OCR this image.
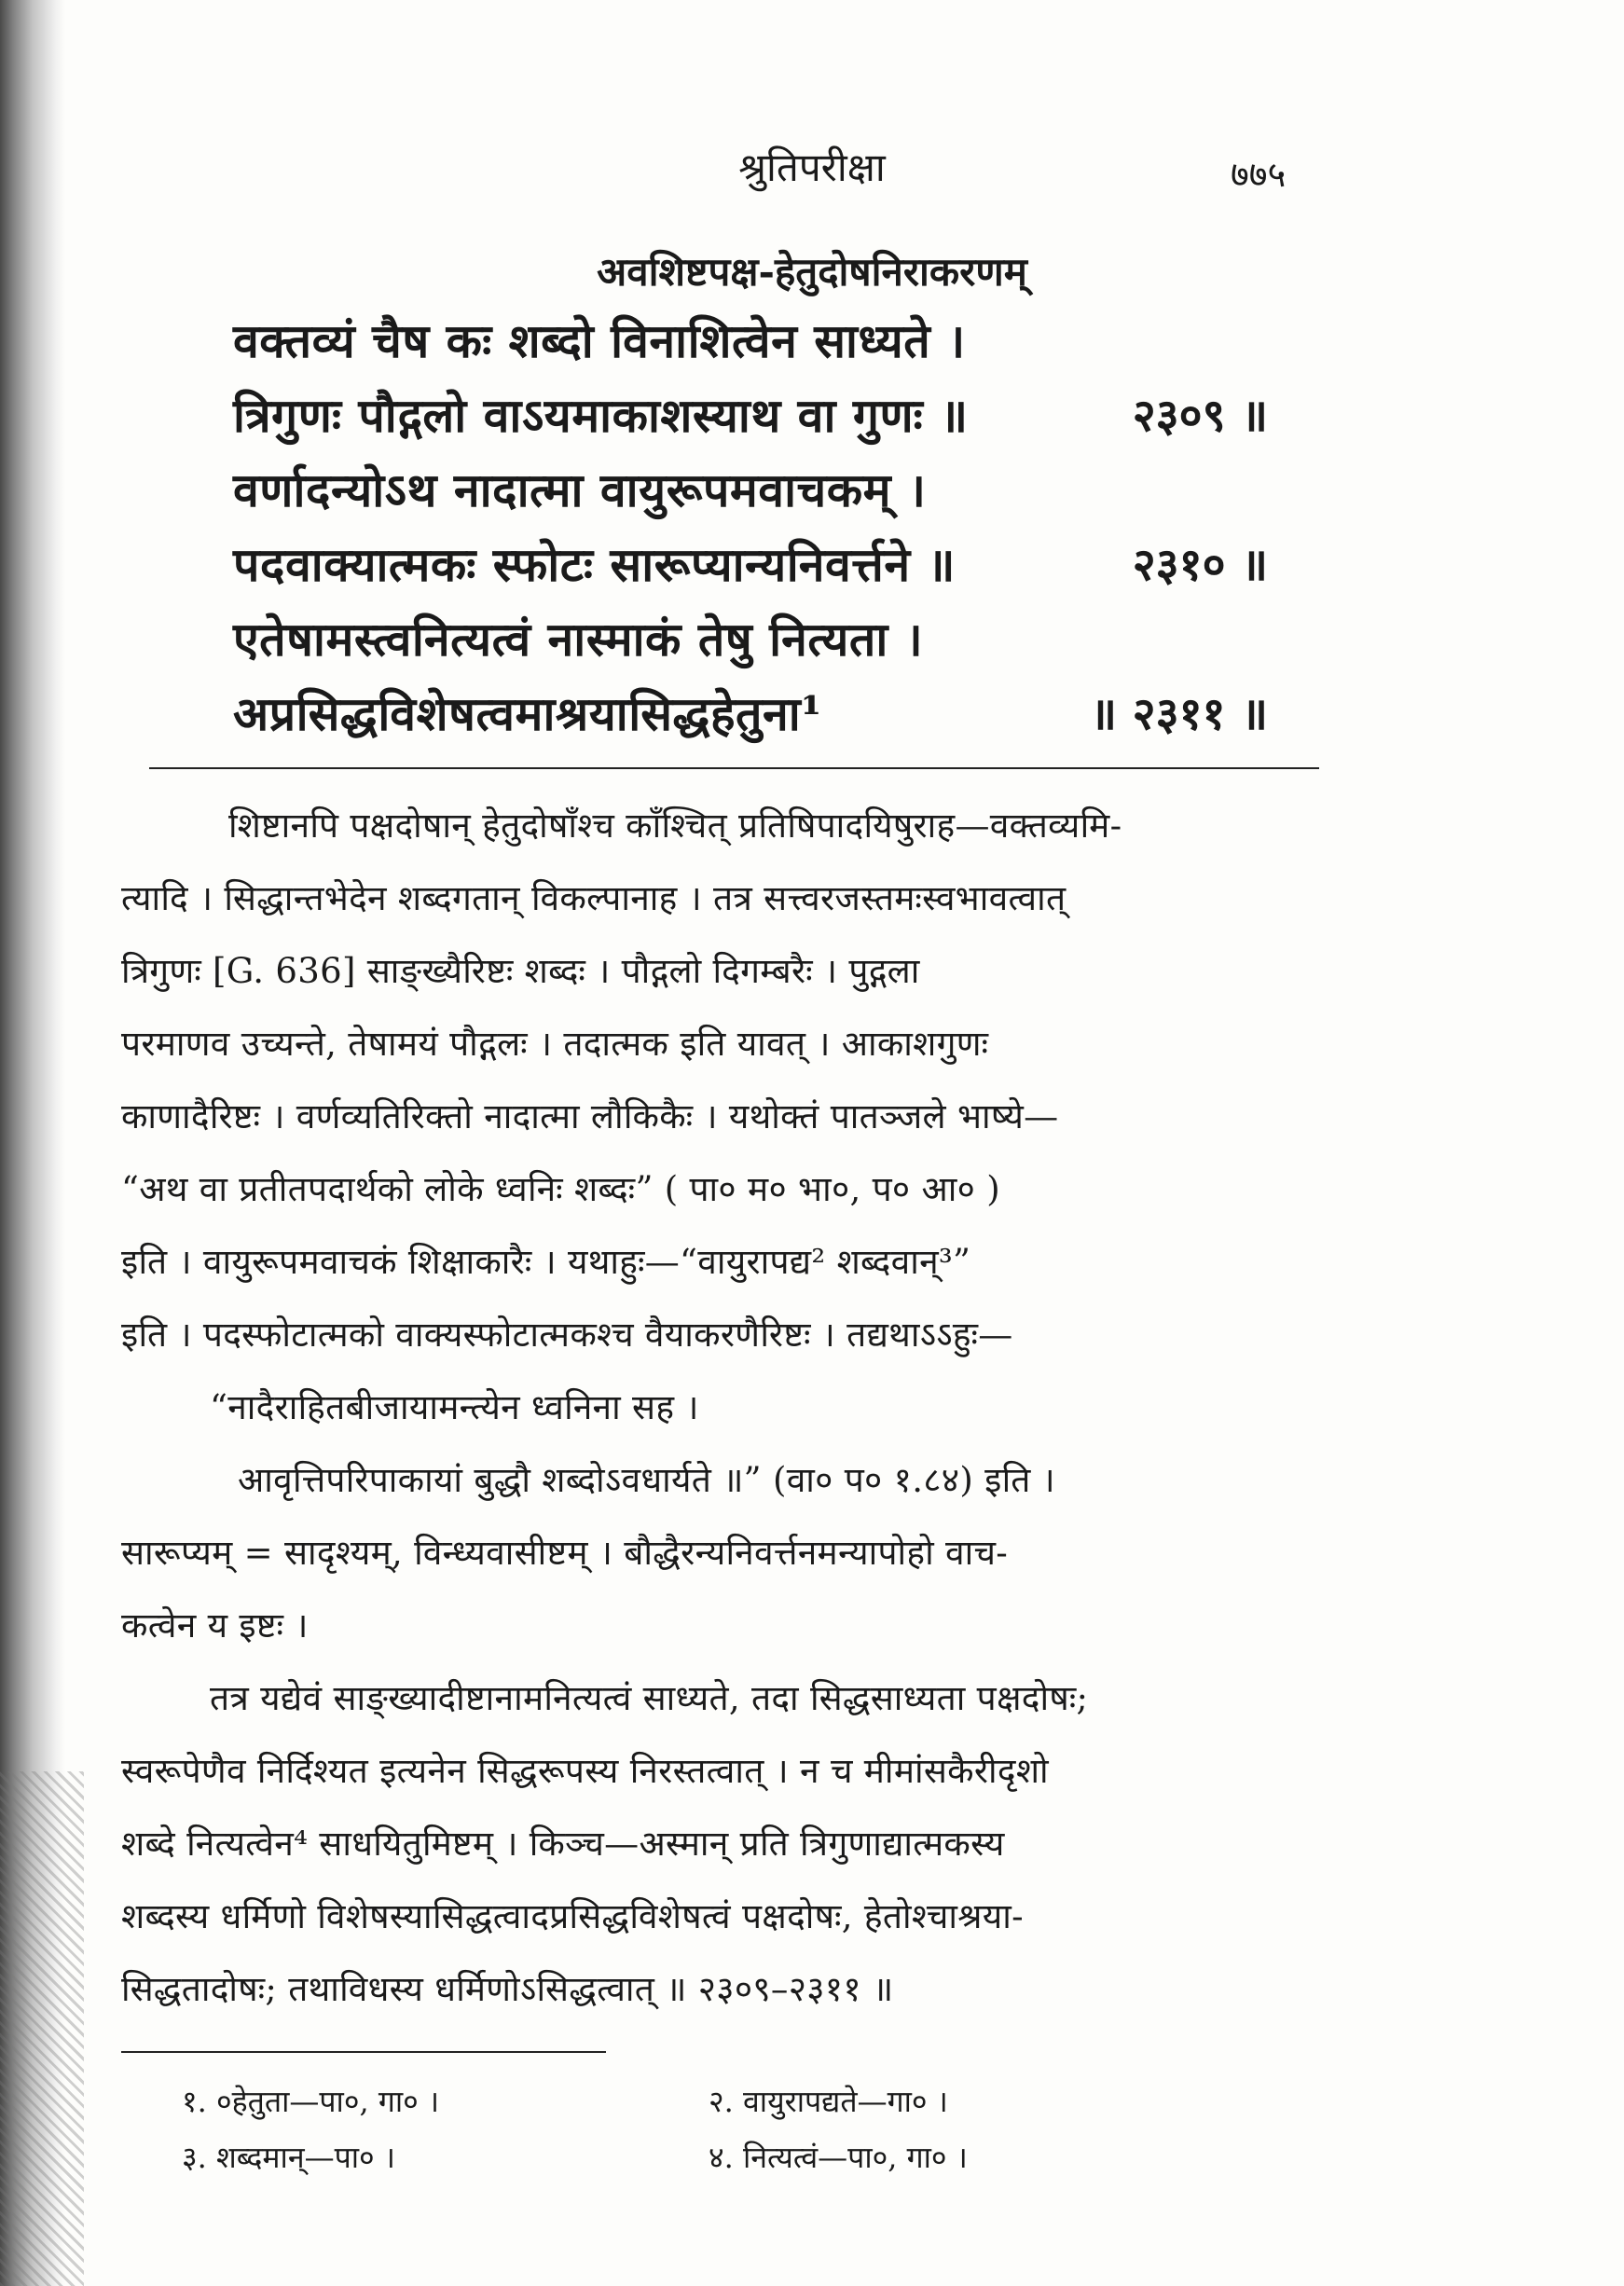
श्रुतिपरीक्षा	७७५
अवशिष्टपक्ष-हेतुदोषनिराकरणम्
वक्तव्यं चैष कः शब्दो विनाशित्वेन साध्यते ।
त्रिगुणः पौद्गलो वाऽयमाकाशस्याथ वा गुणः ॥	२३०९ ॥
वर्णादन्योऽथ नादात्मा वायुरूपमवाचकम् ।
पदवाक्यात्मकः स्फोटः सारूप्यान्यनिवर्त्तने ॥	२३१० ॥
एतेषामस्त्वनित्यत्वं नास्माकं तेषु नित्यता ।
अप्रसिद्धविशेषत्वमाश्रयासिद्धहेतुना¹	॥ २३११ ॥
शिष्टानपि पक्षदोषान् हेतुदोषाँश्च काँश्चित् प्रतिषिपादयिषुराह—वक्तव्यमि-
त्यादि । सिद्धान्तभेदेन शब्दगतान् विकल्पानाह । तत्र सत्त्वरजस्तमःस्वभावत्वात्
त्रिगुणः [G. 636] साङ्ख्यैरिष्टः शब्दः । पौद्गलो दिगम्बरैः । पुद्गला
परमाणव उच्यन्ते, तेषामयं पौद्गलः । तदात्मक इति यावत् । आकाशगुणः
काणादैरिष्टः । वर्णव्यतिरिक्तो नादात्मा लौकिकैः । यथोक्तं पातञ्जले भाष्ये—
“अथ वा प्रतीतपदार्थको लोके ध्वनिः शब्दः” ( पा० म० भा०, प० आ० )
इति । वायुरूपमवाचकं शिक्षाकारैः । यथाहुः—“वायुरापद्य² शब्दवान्³”
इति । पदस्फोटात्मको वाक्यस्फोटात्मकश्च वैयाकरणैरिष्टः । तद्यथाऽऽहुः—
“नादैराहितबीजायामन्त्येन ध्वनिना सह ।
आवृत्तिपरिपाकायां बुद्धौ शब्दोऽवधार्यते ॥” (वा० प० १.८४) इति ।
सारूप्यम् = सादृश्यम्, विन्ध्यवासीष्टम् । बौद्धैरन्यनिवर्त्तनमन्यापोहो वाच-
कत्वेन य इष्टः ।
तत्र यद्येवं साङ्ख्यादीष्टानामनित्यत्वं साध्यते, तदा सिद्धसाध्यता पक्षदोषः;
स्वरूपेणैव निर्दिश्यत इत्यनेन सिद्धरूपस्य निरस्तत्वात् । न च मीमांसकैरीदृशो
शब्दे नित्यत्वेन⁴ साधयितुमिष्टम् । किञ्च—अस्मान् प्रति त्रिगुणाद्यात्मकस्य
शब्दस्य धर्मिणो विशेषस्यासिद्धत्वादप्रसिद्धविशेषत्वं पक्षदोषः, हेतोश्चाश्रया-
सिद्धतादोषः; तथाविधस्य धर्मिणोऽसिद्धत्वात् ॥ २३०९–२३११ ॥
१. ०हेतुता—पा०, गा० ।	२. वायुरापद्यते—गा० ।
३. शब्दमान्—पा० ।	४. नित्यत्वं—पा०, गा० ।
